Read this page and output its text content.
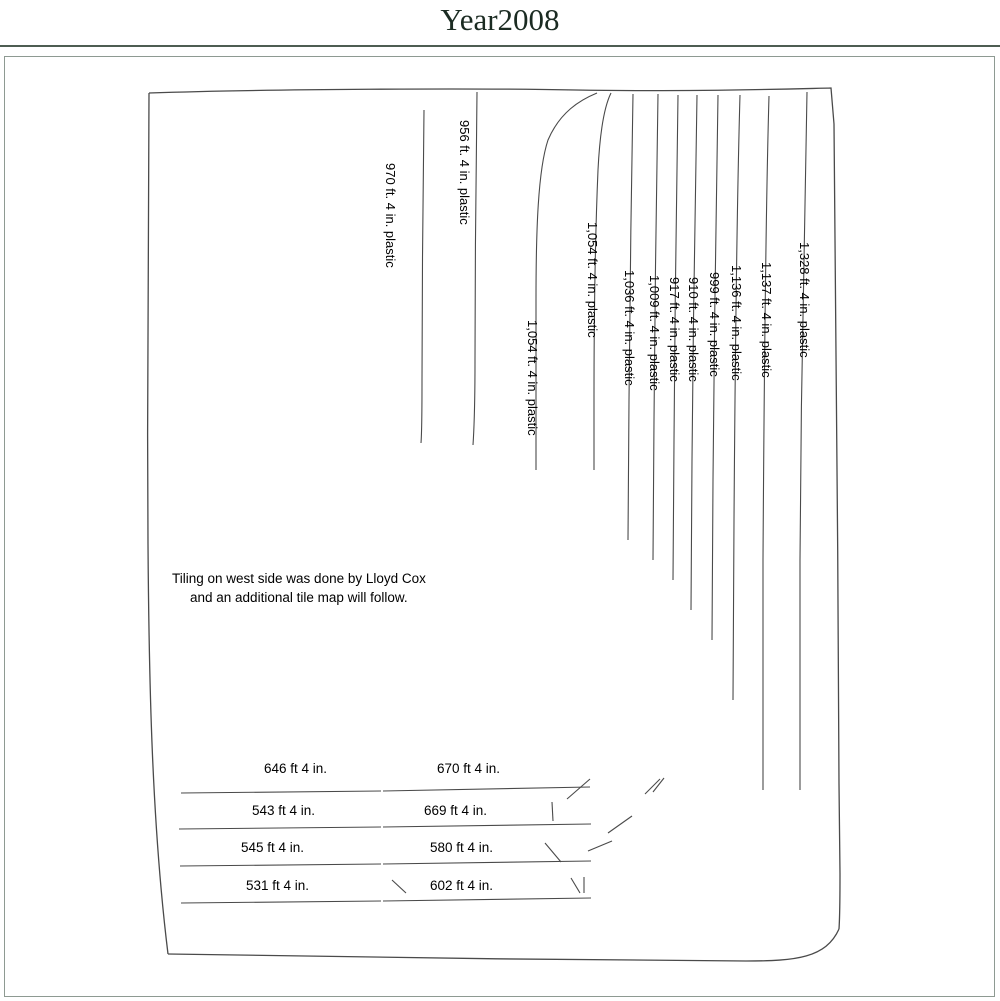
Year2008
1,328 ft. 4 in. plastic
1,137 ft. 4 in. plastic
1,136 ft. 4 in. plastic
999 ft. 4 in. plastic
910 ft. 4 in. plastic
917 ft. 4 in. plastic
1,009 ft. 4 in. plastic
1,036 ft. 4 in. plastic
1,054 ft. 4 in. plastic
1,054 ft. 4 in. plastic
956 ft. 4 in. plastic
970 ft. 4 in. plastic
646 ft 4 in.	670 ft 4 in.
543 ft 4 in.	669 ft 4 in.
545 ft 4 in.	580 ft 4 in.
531 ft 4 in.	602 ft 4 in.
Tiling on west side was done by Lloyd Cox
and an additional tile map will follow.
